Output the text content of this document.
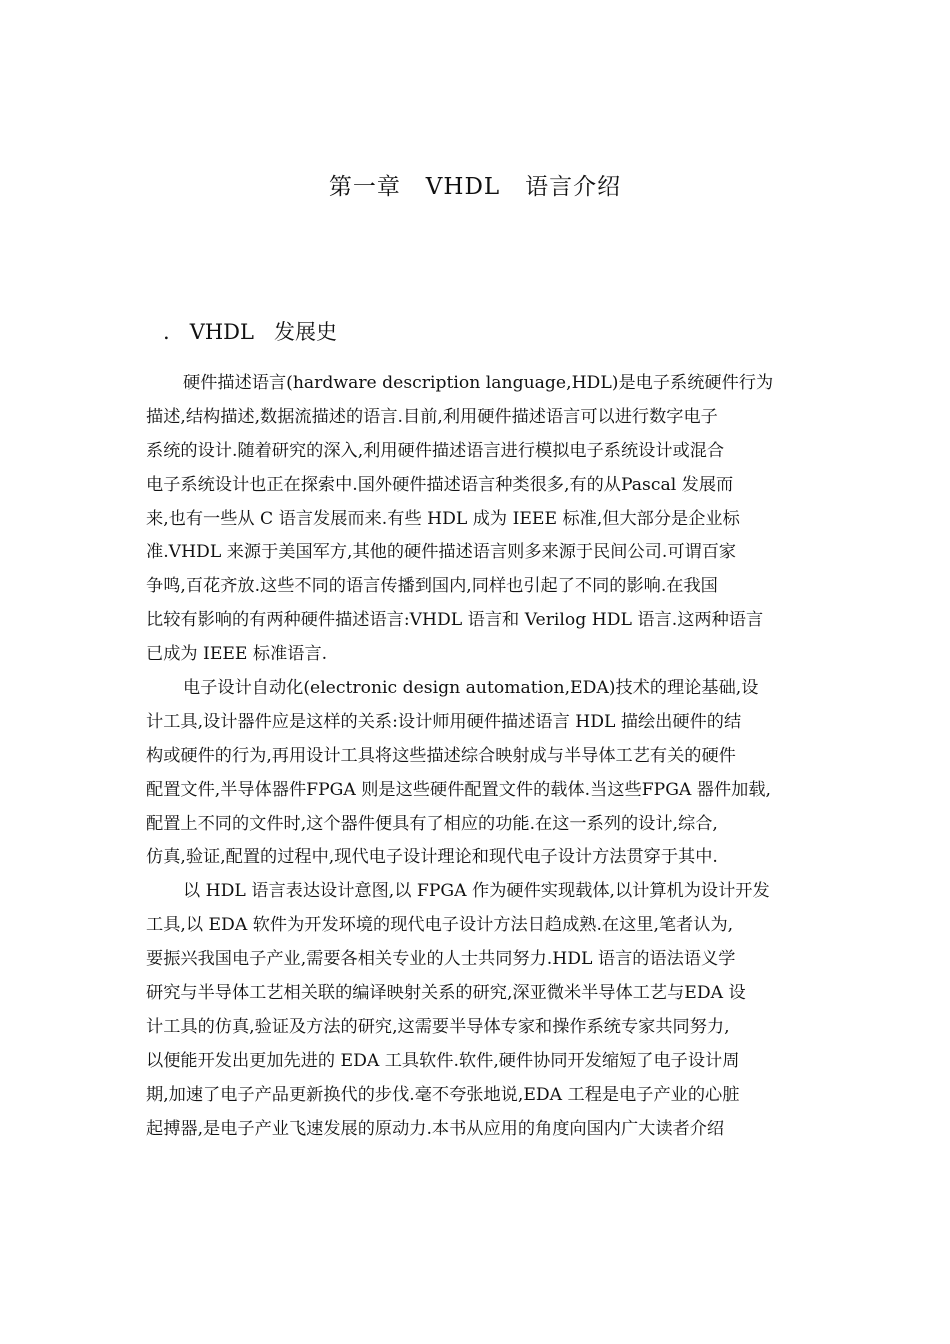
第一章   VHDL   语言介绍
.   VHDL   发展史
硬件描述语言(hardware description language,HDL)是电子系统硬件行为
描述,结构描述,数据流描述的语言.目前,利用硬件描述语言可以进行数字电子
系统的设计.随着研究的深入,利用硬件描述语言进行模拟电子系统设计或混合
电子系统设计也正在探索中.国外硬件描述语言种类很多,有的从Pascal 发展而
来,也有一些从 C 语言发展而来.有些 HDL 成为 IEEE 标准,但大部分是企业标
准.VHDL 来源于美国军方,其他的硬件描述语言则多来源于民间公司.可谓百家
争鸣,百花齐放.这些不同的语言传播到国内,同样也引起了不同的影响.在我国
比较有影响的有两种硬件描述语言:VHDL 语言和 Verilog HDL 语言.这两种语言
已成为 IEEE 标准语言.
电子设计自动化(electronic design automation,EDA)技术的理论基础,设
计工具,设计器件应是这样的关系:设计师用硬件描述语言 HDL 描绘出硬件的结
构或硬件的行为,再用设计工具将这些描述综合映射成与半导体工艺有关的硬件
配置文件,半导体器件FPGA 则是这些硬件配置文件的载体.当这些FPGA 器件加载,
配置上不同的文件时,这个器件便具有了相应的功能.在这一系列的设计,综合,
仿真,验证,配置的过程中,现代电子设计理论和现代电子设计方法贯穿于其中.
以 HDL 语言表达设计意图,以 FPGA 作为硬件实现载体,以计算机为设计开发
工具,以 EDA 软件为开发环境的现代电子设计方法日趋成熟.在这里,笔者认为,
要振兴我国电子产业,需要各相关专业的人士共同努力.HDL 语言的语法语义学
研究与半导体工艺相关联的编译映射关系的研究,深亚微米半导体工艺与EDA 设
计工具的仿真,验证及方法的研究,这需要半导体专家和操作系统专家共同努力,
以便能开发出更加先进的 EDA 工具软件.软件,硬件协同开发缩短了电子设计周
期,加速了电子产品更新换代的步伐.毫不夸张地说,EDA 工程是电子产业的心脏
起搏器,是电子产业飞速发展的原动力.本书从应用的角度向国内广大读者介绍
